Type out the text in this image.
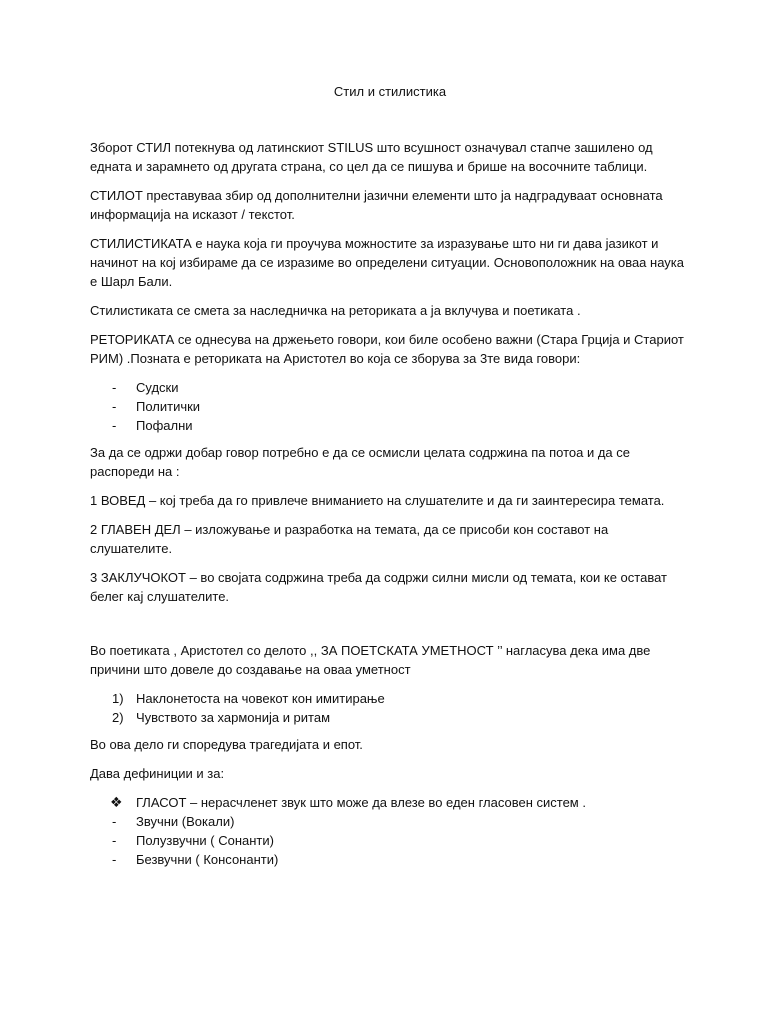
Стил и стилистика

Зборот СТИЛ потекнува од латинскиот STILUS што всушност означувал стапче зашилено од едната и зарамнето од другата страна, со цел да се пишува и брише на восочните таблици.

СТИЛОТ преставуваа збир од дополнителни јазични елементи што ја надградуваат основната информација на исказот / текстот.

СТИЛИСТИКАТА е наука која ги проучува можностите за изразување што ни ги дава јазикот и начинот на кој избираме да се изразиме во определени ситуации. Основоположник на оваа наука е Шарл Бали.

Стилистиката се смета за наследничка на реториката а ја вклучува и поетиката .

РЕТОРИКАТА се однесува на држењето говори, кои биле особено важни (Стара Грција и Стариот РИМ) .Позната е реториката на Аристотел во која се зборува за 3те вида говори:

- Судски
- Политички
- Пофални

За да се одржи добар говор потребно е да се осмисли целата содржина па потоа и да се распореди на :

1 ВОВЕД – кој треба да го привлече вниманието на слушателите и да ги заинтересира темата.

2 ГЛАВЕН ДЕЛ – изложување и разработка на темата, да се присоби кон составот на слушателите.

3 ЗАКЛУЧОКОТ – во својата содржина треба да содржи силни мисли од темата, кои ке остават белег кај слушателите.

Во поетиката , Аристотел со делото ,, ЗА ПОЕТСКАТА УМЕТНОСТ ’’ нагласува дека има две причини што довеле до создавање на оваа уметност

1) Наклонетоста на човекот кон имитирање
2) Чувството за хармонија и ритам

Во ова дело ги споредува трагедијата и епот.

Дава дефиниции и за:

❖ ГЛАСОТ – нерасчленет звук што може да влезе во еден гласовен систем .
- Звучни (Вокали)
- Полузвучни ( Сонанти)
- Безвучни ( Консонанти)
